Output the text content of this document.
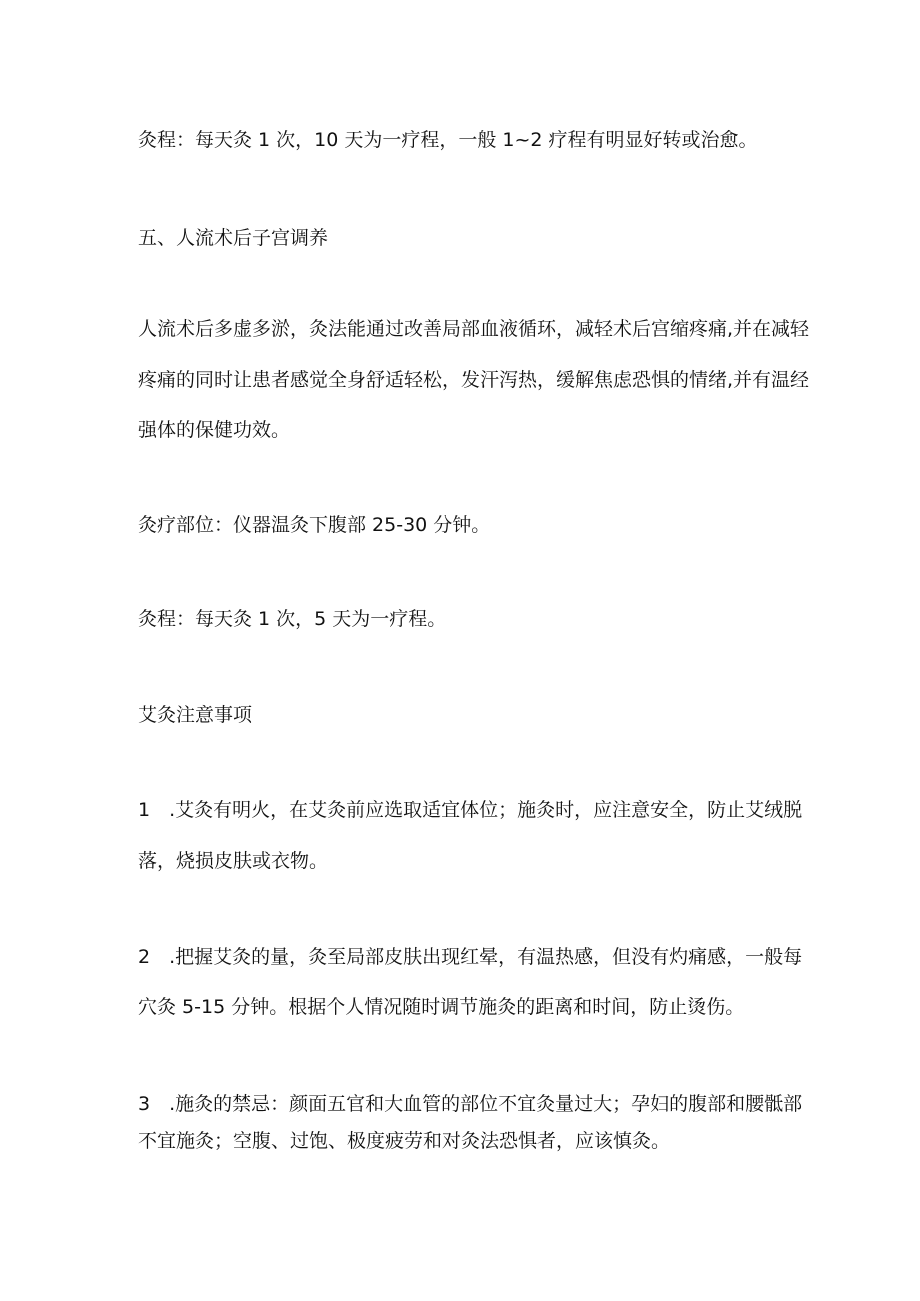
灸程：每天灸 1 次，10 天为一疗程，一般 1~2 疗程有明显好转或治愈。
五、人流术后子宫调养
人流术后多虚多淤，灸法能通过改善局部血液循环，减轻术后宫缩疼痛,并在减轻
疼痛的同时让患者感觉全身舒适轻松，发汗泻热，缓解焦虑恐惧的情绪,并有温经
强体的保健功效。
灸疗部位：仪器温灸下腹部 25-30 分钟。
灸程：每天灸 1 次，5 天为一疗程。
艾灸注意事项
1　.艾灸有明火，在艾灸前应选取适宜体位；施灸时，应注意安全，防止艾绒脱
落，烧损皮肤或衣物。
2　.把握艾灸的量，灸至局部皮肤出现红晕，有温热感，但没有灼痛感，一般每
穴灸 5-15 分钟。根据个人情况随时调节施灸的距离和时间，防止烫伤。
3　.施灸的禁忌：颜面五官和大血管的部位不宜灸量过大；孕妇的腹部和腰骶部
不宜施灸；空腹、过饱、极度疲劳和对灸法恐惧者，应该慎灸。
